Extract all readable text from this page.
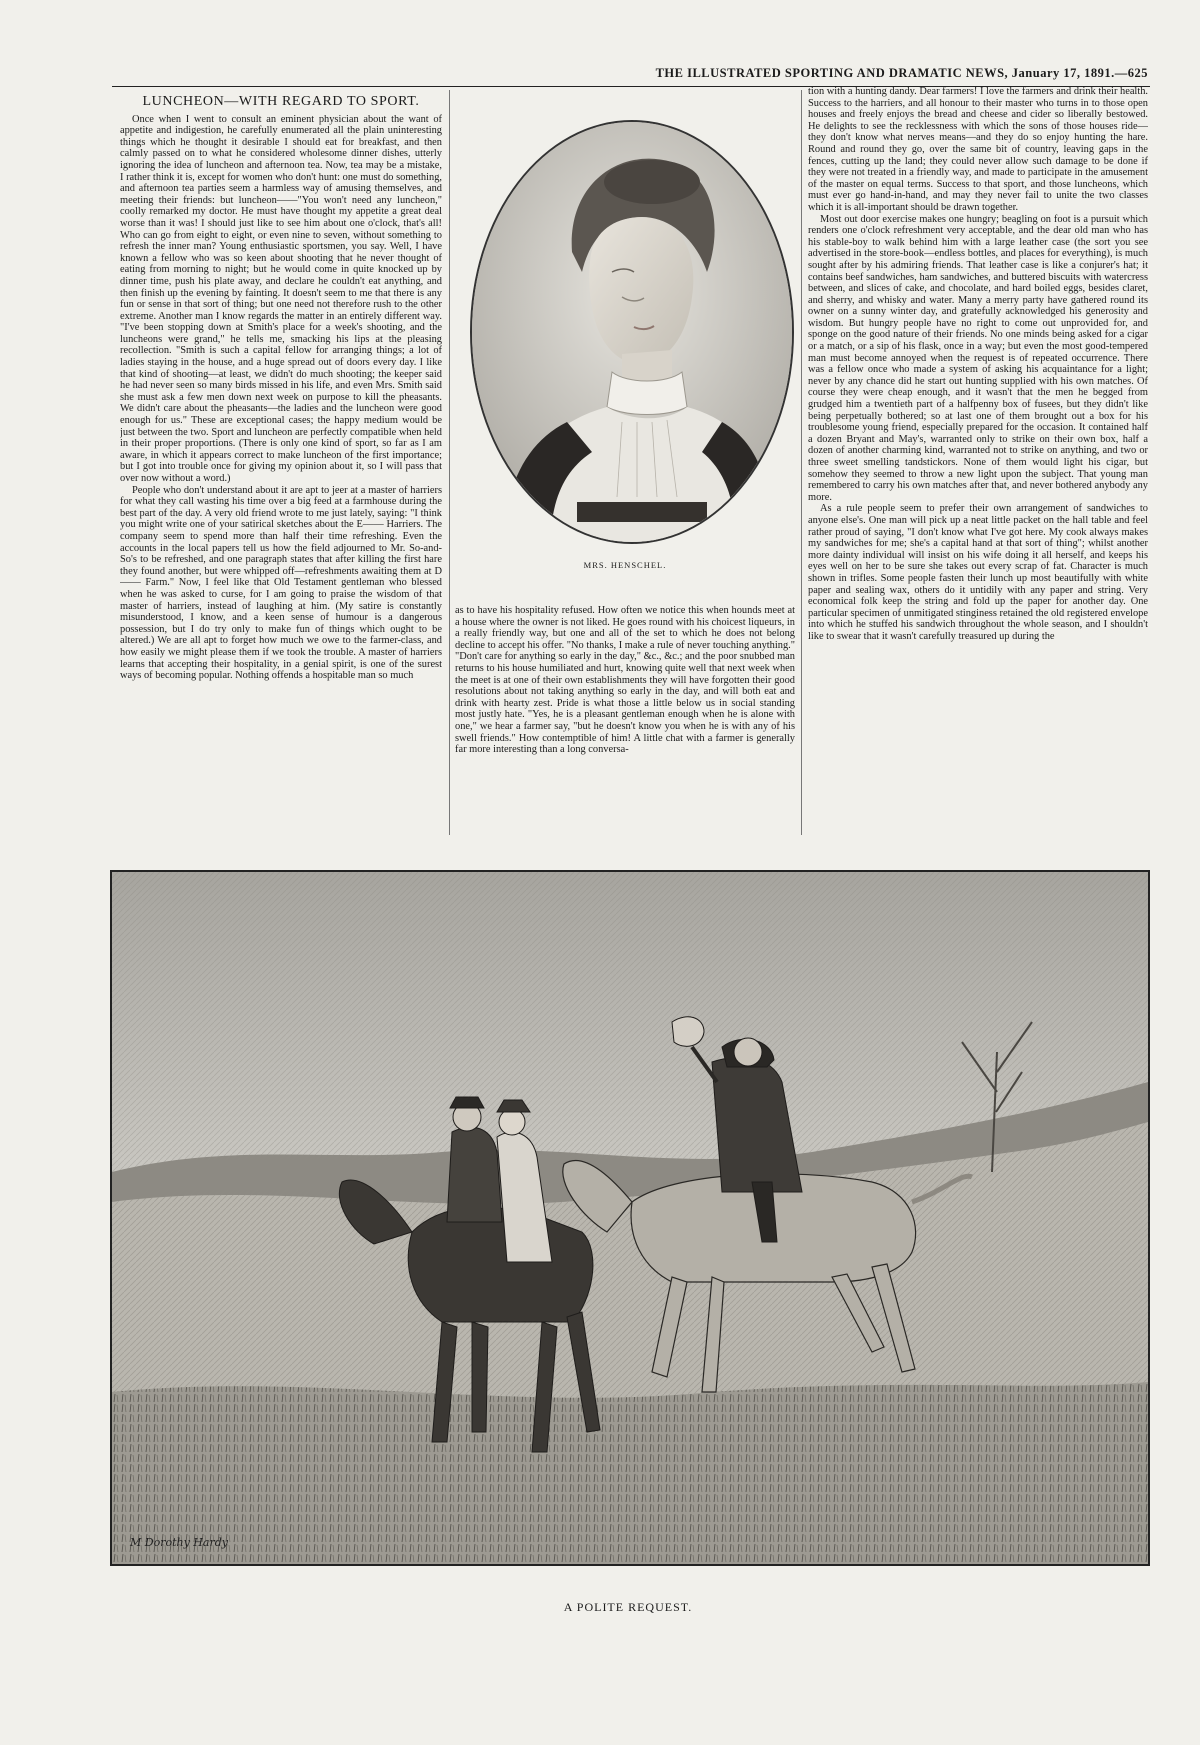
THE ILLUSTRATED SPORTING AND DRAMATIC NEWS, January 17, 1891.—625
LUNCHEON—WITH REGARD TO SPORT.

Once when I went to consult an eminent physician about the want of appetite and indigestion, he carefully enumerated all the plain uninteresting things which he thought it desirable I should eat for breakfast, and then calmly passed on to what he considered wholesome dinner dishes, utterly ignoring the idea of luncheon and afternoon tea. Now, tea may be a mistake, I rather think it is, except for women who don't hunt: one must do something, and afternoon tea parties seem a harmless way of amusing themselves, and meeting their friends: but luncheon——"You won't need any luncheon," coolly remarked my doctor. He must have thought my appetite a great deal worse than it was! I should just like to see him about one o'clock, that's all! Who can go from eight to eight, or even nine to seven, without something to refresh the inner man? Young enthusiastic sportsmen, you say. Well, I have known a fellow who was so keen about shooting that he never thought of eating from morning to night; but he would come in quite knocked up by dinner time, push his plate away, and declare he couldn't eat anything, and then finish up the evening by fainting. It doesn't seem to me that there is any fun or sense in that sort of thing; but one need not therefore rush to the other extreme. Another man I know regards the matter in an entirely different way. "I've been stopping down at Smith's place for a week's shooting, and the luncheons were grand," he tells me, smacking his lips at the pleasing recollection. "Smith is such a capital fellow for arranging things; a lot of ladies staying in the house, and a huge spread out of doors every day. I like that kind of shooting—at least, we didn't do much shooting; the keeper said he had never seen so many birds missed in his life, and even Mrs. Smith said she must ask a few men down next week on purpose to kill the pheasants. We didn't care about the pheasants—the ladies and the luncheon were good enough for us." These are exceptional cases; the happy medium would be just between the two. Sport and luncheon are perfectly compatible when held in their proper proportions. (There is only one kind of sport, so far as I am aware, in which it appears correct to make luncheon of the first importance; but I got into trouble once for giving my opinion about it, so I will pass that over now without a word.)

People who don't understand about it are apt to jeer at a master of harriers for what they call wasting his time over a big feed at a farmhouse during the best part of the day. A very old friend wrote to me just lately, saying: "I think you might write one of your satirical sketches about the E—— Harriers. The company seem to spend more than half their time refreshing. Even the accounts in the local papers tell us how the field adjourned to Mr. So-and-So's to be refreshed, and one paragraph states that after killing the first hare they found another, but were whipped off—refreshments awaiting them at D—— Farm." Now, I feel like that Old Testament gentleman who blessed when he was asked to curse, for I am going to praise the wisdom of that master of harriers, instead of laughing at him. (My satire is constantly misunderstood, I know, and a keen sense of humour is a dangerous possession, but I do try only to make fun of things which ought to be altered.) We are all apt to forget how much we owe to the farmer-class, and how easily we might please them if we took the trouble. A master of harriers learns that accepting their hospitality, in a genial spirit, is one of the surest ways of becoming popular. Nothing offends a hospitable man so much

MRS. HENSCHEL.

as to have his hospitality refused. How often we notice this when hounds meet at a house where the owner is not liked. He goes round with his choicest liqueurs, in a really friendly way, but one and all of the set to which he does not belong decline to accept his offer. "No thanks, I make a rule of never touching anything." "Don't care for anything so early in the day," &c., &c.; and the poor snubbed man returns to his house humiliated and hurt, knowing quite well that next week when the meet is at one of their own establishments they will have forgotten their good resolutions about not taking anything so early in the day, and will both eat and drink with hearty zest. Pride is what those a little below us in social standing most justly hate. "Yes, he is a pleasant gentleman enough when he is alone with one," we hear a farmer say, "but he doesn't know you when he is with any of his swell friends." How contemptible of him! A little chat with a farmer is generally far more interesting than a long conversa-

tion with a hunting dandy. Dear farmers! I love the farmers and drink their health. Success to the harriers, and all honour to their master who turns in to those open houses and freely enjoys the bread and cheese and cider so liberally bestowed. He delights to see the recklessness with which the sons of those houses ride—they don't know what nerves means—and they do so enjoy hunting the hare. Round and round they go, over the same bit of country, leaving gaps in the fences, cutting up the land; they could never allow such damage to be done if they were not treated in a friendly way, and made to participate in the amusement of the master on equal terms. Success to that sport, and those luncheons, which must ever go hand-in-hand, and may they never fail to unite the two classes which it is all-important should be drawn together.

Most out door exercise makes one hungry; beagling on foot is a pursuit which renders one o'clock refreshment very acceptable, and the dear old man who has his stable-boy to walk behind him with a large leather case (the sort you see advertised in the store-book—endless bottles, and places for everything), is much sought after by his admiring friends. That leather case is like a conjurer's hat; it contains beef sandwiches, ham sandwiches, and buttered biscuits with watercress between, and slices of cake, and chocolate, and hard boiled eggs, besides claret, and sherry, and whisky and water. Many a merry party have gathered round its owner on a sunny winter day, and gratefully acknowledged his generosity and wisdom. But hungry people have no right to come out unprovided for, and sponge on the good nature of their friends. No one minds being asked for a cigar or a match, or a sip of his flask, once in a way; but even the most good-tempered man must become annoyed when the request is of repeated occurrence. There was a fellow once who made a system of asking his acquaintance for a light; never by any chance did he start out hunting supplied with his own matches. Of course they were cheap enough, and it wasn't that the men he begged from grudged him a twentieth part of a halfpenny box of fusees, but they didn't like being perpetually bothered; so at last one of them brought out a box for his troublesome young friend, especially prepared for the occasion. It contained half a dozen Bryant and May's, warranted only to strike on their own box, half a dozen of another charming kind, warranted not to strike on anything, and two or three sweet smelling tandstickors. None of them would light his cigar, but somehow they seemed to throw a new light upon the subject. That young man remembered to carry his own matches after that, and never bothered anybody any more.

As a rule people seem to prefer their own arrangement of sandwiches to anyone else's. One man will pick up a neat little packet on the hall table and feel rather proud of saying, "I don't know what I've got here. My cook always makes my sandwiches for me; she's a capital hand at that sort of thing"; whilst another more dainty individual will insist on his wife doing it all herself, and keeps his eyes well on her to be sure she takes out every scrap of fat. Character is much shown in trifles. Some people fasten their lunch up most beautifully with white paper and sealing wax, others do it untidily with any paper and string. Very economical folk keep the string and fold up the paper for another day. One particular specimen of unmitigated stinginess retained the old registered envelope into which he stuffed his sandwich throughout the whole season, and I shouldn't like to swear that it wasn't carefully treasured up during the

M Dorothy Hardy
A POLITE REQUEST.
